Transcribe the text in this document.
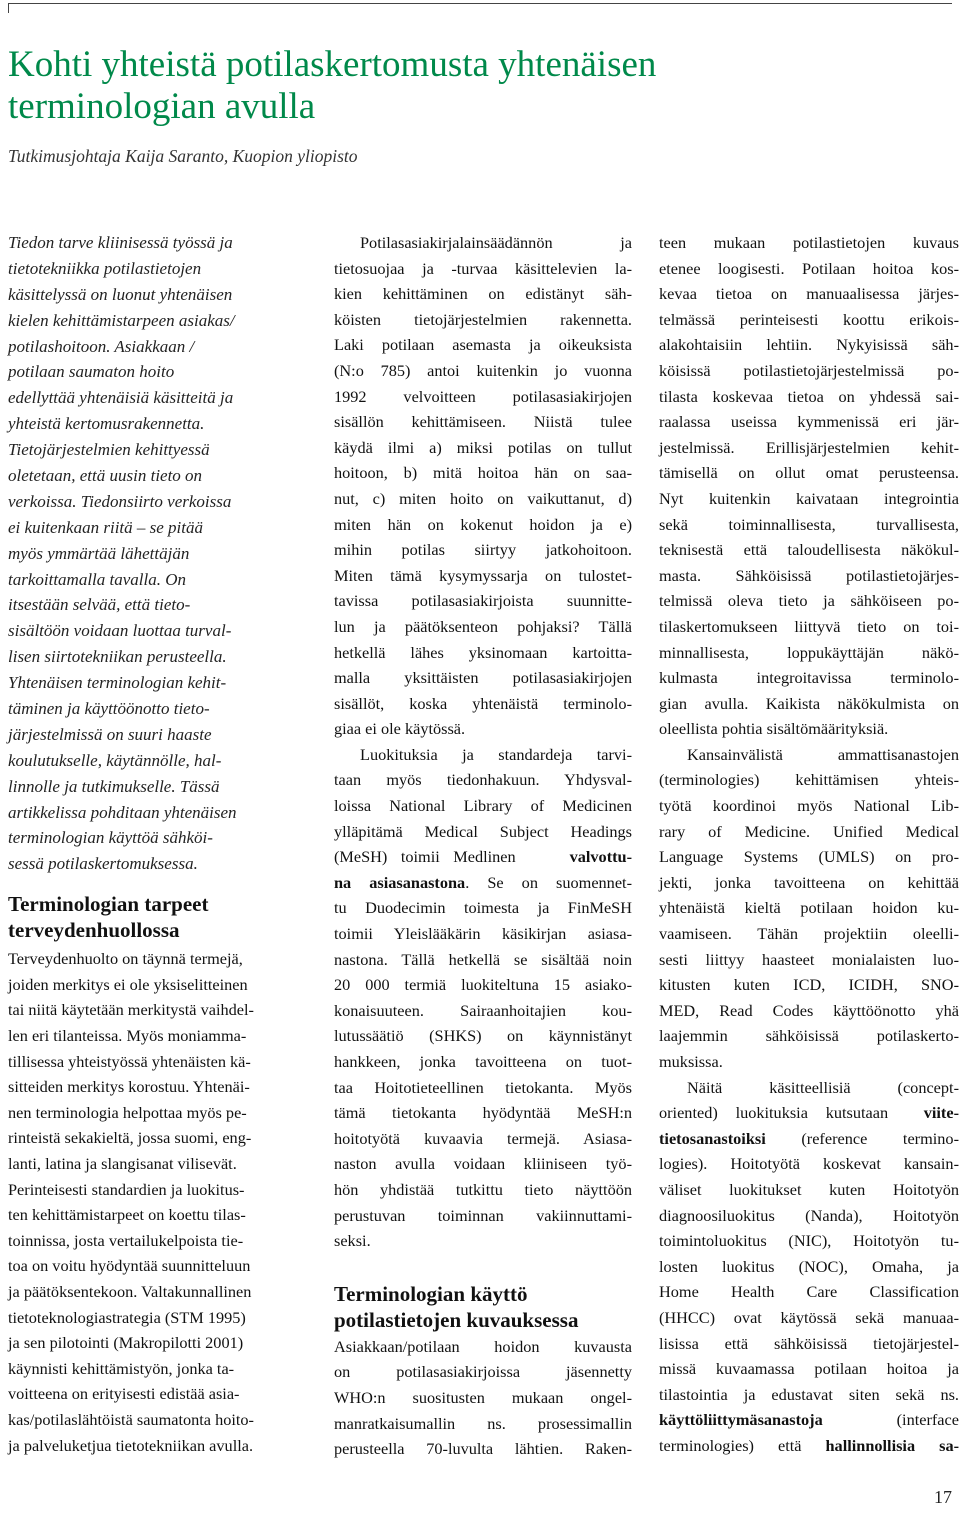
Kohti yhteistä potilaskertomusta yhtenäisen
terminologian avulla

Tutkimusjohtaja Kaija Saranto, Kuopion yliopisto

Tiedon tarve kliinisessä työssä ja
tietotekniikka potilastietojen
käsittelyssä on luonut yhtenäisen
kielen kehittämistarpeen asiakas/
potilashoitoon. Asiakkaan /
potilaan saumaton hoito
edellyttää yhtenäisiä käsitteitä ja
yhteistä kertomusrakennetta.
Tietojärjestelmien kehittyessä
oletetaan, että uusin tieto on
verkoissa. Tiedonsiirto verkoissa
ei kuitenkaan riitä – se pitää
myös ymmärtää lähettäjän
tarkoittamalla tavalla. On
itsestään selvää, että tieto-
sisältöön voidaan luottaa turval-
lisen siirtotekniikan perusteella.
Yhtenäisen terminologian kehit-
täminen ja käyttöönotto tieto-
järjestelmissä on suuri haaste
koulutukselle, käytännölle, hal-
linnolle ja tutkimukselle. Tässä
artikkelissa pohditaan yhtenäisen
terminologian käyttöä sähköi-
sessä potilaskertomuksessa.
Terminologian tarpeet
terveydenhuollossa
Terveydenhuolto on täynnä termejä,
joiden merkitys ei ole yksiselitteinen
tai niitä käytetään merkitystä vaihdel-
len eri tilanteissa. Myös moniamma-
tillisessa yhteistyössä yhtenäisten kä-
sitteiden merkitys korostuu. Yhtenäi-
nen terminologia helpottaa myös pe-
rinteistä sekakieltä, jossa suomi, eng-
lanti, latina ja slangisanat vilisevät.
Perinteisesti standardien ja luokitus-
ten kehittämistarpeet on koettu tilas-
toinnissa, josta vertailukelpoista tie-
toa on voitu hyödyntää suunnitteluun
ja päätöksentekoon. Valtakunnallinen
tietoteknologiastrategia (STM 1995)
ja sen pilotointi (Makropilotti 2001)
käynnisti kehittämistyön, jonka ta-
voitteena on erityisesti edistää asia-
kas/potilaslähtöistä saumatonta hoito-
ja palveluketjua tietotekniikan avulla.
Potilasasiakirjalainsäädännön ja
tietosuojaa ja -turvaa käsittelevien la-
kien kehittäminen on edistänyt säh-
köisten tietojärjestelmien rakennetta.
Laki potilaan asemasta ja oikeuksista
(N:o 785) antoi kuitenkin jo vuonna
1992 velvoitteen potilasasiakirjojen
sisällön kehittämiseen. Niistä tulee
käydä ilmi a) miksi potilas on tullut
hoitoon, b) mitä hoitoa hän on saa-
nut, c) miten hoito on vaikuttanut, d)
miten hän on kokenut hoidon ja e)
mihin potilas siirtyy jatkohoitoon.
Miten tämä kysymyssarja on tulostet-
tavissa potilasasiakirjoista suunnitte-
lun ja päätöksenteon pohjaksi? Tällä
hetkellä lähes yksinomaan kartoitta-
malla yksittäisten potilasasiakirjojen
sisällöt, koska yhtenäistä terminolo-
giaa ei ole käytössä.
Luokituksia ja standardeja tarvi-
taan myös tiedonhakuun. Yhdysval-
loissa National Library of Medicinen
ylläpitämä Medical Subject Headings
(MeSH) toimii Medlinen	valvottu-
na asiasanastona. Se on suomennet-
tu Duodecimin toimesta ja FinMeSH
toimii Yleislääkärin käsikirjan asiasa-
nastona. Tällä hetkellä se sisältää noin
20 000 termiä luokiteltuna 15 asiako-
konaisuuteen. Sairaanhoitajien kou-
lutussäätiö (SHKS) on käynnistänyt
hankkeen, jonka tavoitteena on tuot-
taa Hoitotieteellinen tietokanta. Myös
tämä tietokanta hyödyntää MeSH:n
hoitotyötä kuvaavia termejä. Asiasa-
naston avulla voidaan kliiniseen työ-
hön yhdistää tutkittu tieto näyttöön
perustuvan toiminnan vakiinnuttami-
seksi.
Terminologian käyttö
potilastietojen kuvauksessa
Asiakkaan/potilaan hoidon kuvausta
on potilasasiakirjoissa jäsennetty
WHO:n suositusten mukaan ongel-
manratkaisumallin ns. prosessimallin
perusteella 70-luvulta lähtien. Raken-
teen mukaan potilastietojen kuvaus
etenee loogisesti. Potilaan hoitoa kos-
kevaa tietoa on manuaalisessa järjes-
telmässä perinteisesti koottu erikois-
alakohtaisiin lehtiin. Nykyisissä säh-
köisissä potilastietojärjestelmissä po-
tilasta koskevaa tietoa on yhdessä sai-
raalassa useissa kymmenissä eri jär-
jestelmissä. Erillisjärjestelmien kehit-
tämisellä on ollut omat perusteensa.
Nyt kuitenkin kaivataan integrointia
sekä toiminnallisesta, turvallisesta,
teknisestä että taloudellisesta näkökul-
masta. Sähköisissä potilastietojärjes-
telmissä oleva tieto ja sähköiseen po-
tilaskertomukseen liittyvä tieto on toi-
minnallisesta, loppukäyttäjän näkö-
kulmasta integroitavissa terminolo-
gian avulla. Kaikista näkökulmista on
oleellista pohtia sisältömäärityksiä.
Kansainvälistä ammattisanastojen
(terminologies) kehittämisen yhteis-
työtä koordinoi myös National Lib-
rary of Medicine. Unified Medical
Language Systems (UMLS) on pro-
jekti, jonka tavoitteena on kehittää
yhtenäistä kieltä potilaan hoidon ku-
vaamiseen. Tähän projektiin oleelli-
sesti liittyy haasteet monialaisten luo-
kitusten kuten ICD, ICIDH, SNO-
MED, Read Codes käyttöönotto yhä
laajemmin sähköisissä potilaskerto-
muksissa.
Näitä käsitteellisiä (concept-
oriented) luokituksia kutsutaan viite-
tietosanastoiksi (reference termino-
logies). Hoitotyötä koskevat kansain-
väliset luokitukset kuten Hoitotyön
diagnoosiluokitus (Nanda), Hoitotyön
toimintoluokitus (NIC), Hoitotyön tu-
losten luokitus (NOC), Omaha, ja
Home Health Care Classification
(HHCC) ovat käytössä sekä manuaa-
lisissa että sähköisissä tietojärjestel-
missä kuvaamassa potilaan hoitoa ja
tilastointia ja edustavat siten sekä ns.
käyttöliittymäsanastoja (interface
terminologies) että hallinnollisia sa-
17
